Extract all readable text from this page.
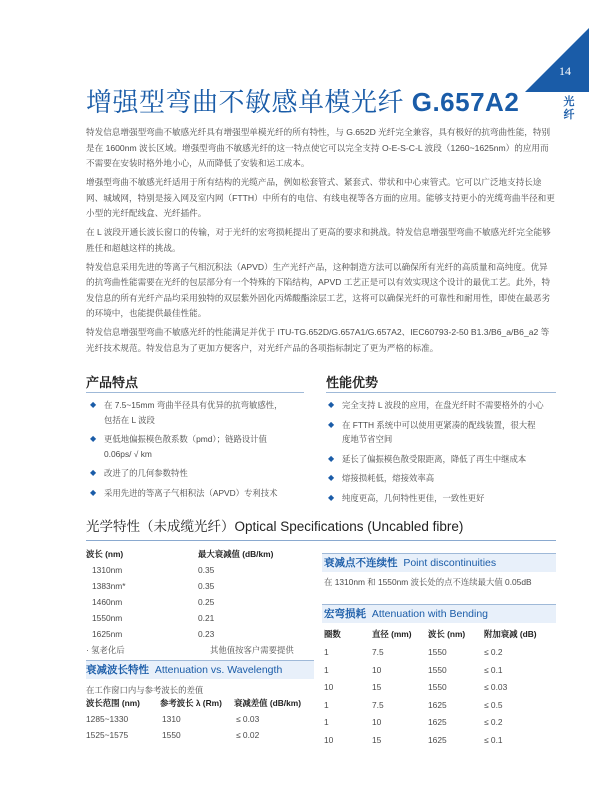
14
光纤
增强型弯曲不敏感单模光纤 G.657A2

特发信息增强型弯曲不敏感光纤具有增强型单模光纤的所有特性，与 G.652D 光纤完全兼容，具有极好的抗弯曲性能，特别是在 1600nm 波长区域。增强型弯曲不敏感光纤的这一特点使它可以完全支持 O-E-S-C-L 波段（1260~1625nm）的应用而不需要在安装时格外地小心，从而降低了安装和运工成本。

增强型弯曲不敏感光纤适用于所有结构的光缆产品，例如松套管式、紧套式、带状和中心束管式。它可以广泛地支持长途网、城域网，特别是接入网及室内网（FTTH）中所有的电信、有线电视等各方面的应用。能够支持更小的光缆弯曲半径和更小型的光纤配线盒、光纤插件。

在 L 波段开通长波长窗口的传输，对于光纤的宏弯损耗提出了更高的要求和挑战。特发信息增强型弯曲不敏感光纤完全能够胜任和超越这样的挑战。

特发信息采用先进的等离子气相沉积法（APVD）生产光纤产品，这种制造方法可以确保所有光纤的高质量和高纯度。优异的抗弯曲性能需要在光纤的包层部分有一个特殊的下陷结构，APVD 工艺正是可以有效实现这个设计的最优工艺。此外，特发信息的所有光纤产品均采用独特的双层紫外固化丙烯酸酯涂层工艺，这将可以确保光纤的可靠性和耐用性，即使在最恶劣的环境中，也能提供最佳性能。

特发信息增强型弯曲不敏感光纤的性能满足并优于 ITU-TG.652D/G.657A1/G.657A2、IEC60793-2-50 B1.3/B6_a/B6_a2 等光纤技术规范。特发信息为了更加方便客户，对光纤产品的各项指标制定了更为严格的标准。

产品特点
◆ 在 7.5~15mm 弯曲半径具有优异的抗弯敏感性，
包括在 L 波段
◆ 更低地偏振模色散系数（pmd）；链路设计值
0.06ps/ √ km
◆ 改进了的几何参数特性
◆ 采用先进的等离子气相积法（APVD）专利技术
性能优势
◆ 完全支持 L 波段的应用，在盘光纤时不需要格外的小心
◆ 在 FTTH 系统中可以使用更紧凑的配线装置，很大程
度地节省空间
◆ 延长了偏振模色散受限距离，降低了再生中继成本
◆ 熔接损耗低，熔接效率高
◆ 纯度更高，几何特性更佳，一致性更好
光学特性（未成缆光纤）Optical Specifications (Uncabled fibre)
波长 (nm)	最大衰减值 (dB/km)
1310nm	0.35
1383nm*	0.35
1460nm	0.25
1550nm	0.21
1625nm	0.23
· 氢老化后	其他值按客户需要提供
衰减波长特性 Attenuation vs. Wavelength
在工作窗口内与参考波长的差值
波长范围 (nm) 参考波长 λ (Rm) 衰减差值 (dB/km)
1285~1330	1310	≤ 0.03
1525~1575	1550	≤ 0.02
衰减点不连续性 Point discontinuities
在 1310nm 和 1550nm 波长处的点不连续最大值 0.05dB
宏弯损耗 Attenuation with Bending
圈数	直径 (mm) 波长 (nm) 附加衰减 (dB)
1	7.5	1550	≤ 0.2
1	10	1550	≤ 0.1
10	15	1550	≤ 0.03
1	7.5	1625	≤ 0.5
1	10	1625	≤ 0.2
10	15	1625	≤ 0.1
